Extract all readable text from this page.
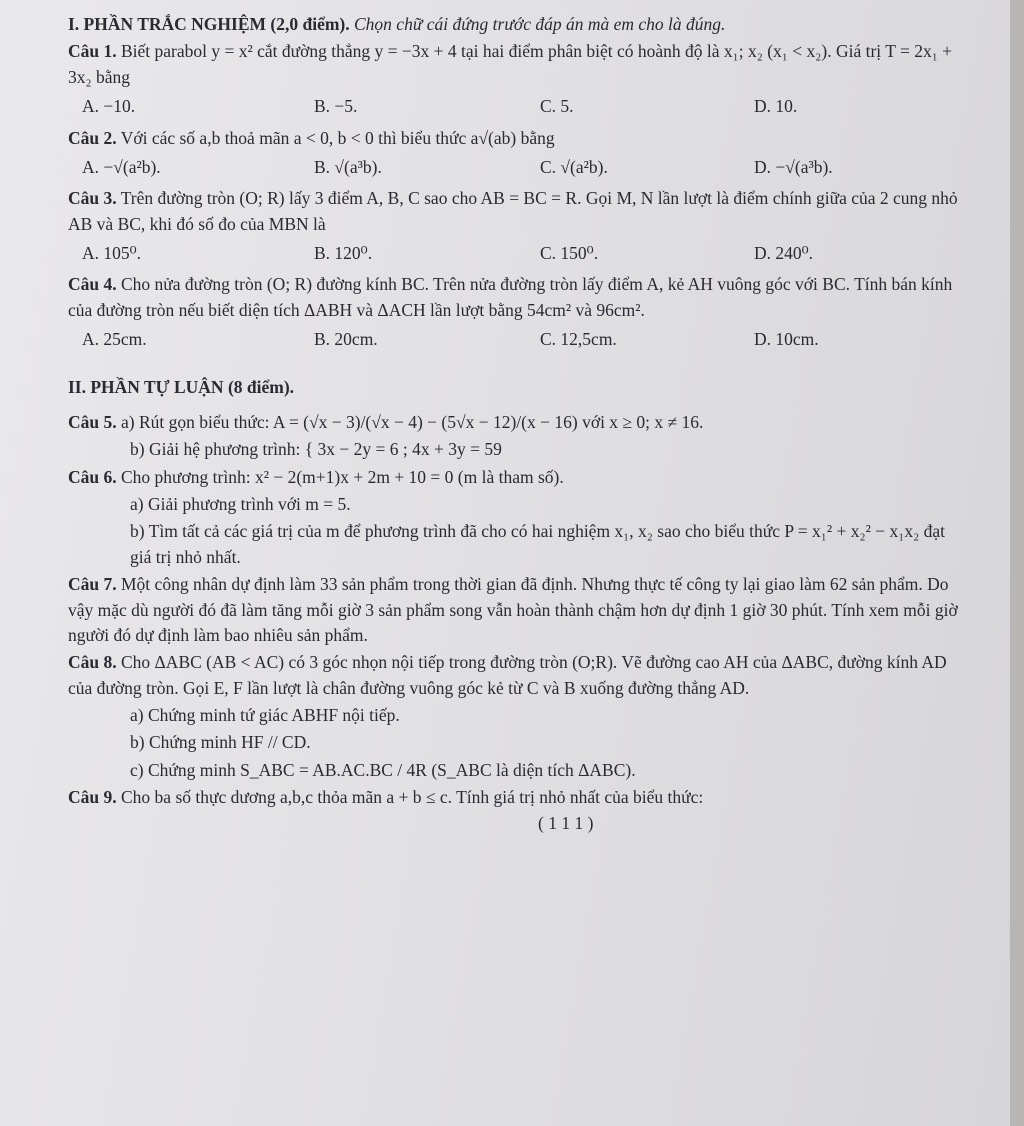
I. PHẦN TRẮC NGHIỆM (2,0 điểm). Chọn chữ cái đứng trước đáp án mà em cho là đúng.

Câu 1. Biết parabol y = x² cắt đường thẳng y = −3x + 4 tại hai điểm phân biệt có hoành độ là x₁; x₂ (x₁ < x₂). Giá trị T = 2x₁ + 3x₂ bằng

A. −10.	B. −5.	C. 5.	D. 10.

Câu 2. Với các số a,b thoả mãn a < 0, b < 0 thì biểu thức a√(ab) bằng

A. −√(a²b).	B. √(a³b).	C. √(a²b).	D. −√(a³b).

Câu 3. Trên đường tròn (O; R) lấy 3 điểm A, B, C sao cho AB = BC = R. Gọi M, N lần lượt là điểm chính giữa của 2 cung nhỏ AB và BC, khi đó số đo của MBN là

A. 105⁰.	B. 120⁰.	C. 150⁰.	D. 240⁰.

Câu 4. Cho nửa đường tròn (O; R) đường kính BC. Trên nửa đường tròn lấy điểm A, kẻ AH vuông góc với BC. Tính bán kính của đường tròn nếu biết diện tích ΔABH và ΔACH lần lượt bằng 54cm² và 96cm².

A. 25cm.	B. 20cm.	C. 12,5cm.	D. 10cm.

II. PHẦN TỰ LUẬN (8 điểm).

Câu 5. a) Rút gọn biểu thức: A = (√x − 3)/(√x − 4) − (5√x − 12)/(x − 16) với x ≥ 0; x ≠ 16.

b) Giải hệ phương trình: { 3x − 2y = 6 ; 4x + 3y = 59

Câu 6. Cho phương trình: x² − 2(m+1)x + 2m + 10 = 0 (m là tham số).

a) Giải phương trình với m = 5.

b) Tìm tất cả các giá trị của m để phương trình đã cho có hai nghiệm x₁, x₂ sao cho biểu thức P = x₁² + x₂² − x₁x₂ đạt giá trị nhỏ nhất.

Câu 7. Một công nhân dự định làm 33 sản phẩm trong thời gian đã định. Nhưng thực tế công ty lại giao làm 62 sản phẩm. Do vậy mặc dù người đó đã làm tăng mỗi giờ 3 sản phẩm song vẫn hoàn thành chậm hơn dự định 1 giờ 30 phút. Tính xem mỗi giờ người đó dự định làm bao nhiêu sản phẩm.

Câu 8. Cho ΔABC (AB < AC) có 3 góc nhọn nội tiếp trong đường tròn (O;R). Vẽ đường cao AH của ΔABC, đường kính AD của đường tròn. Gọi E, F lần lượt là chân đường vuông góc kẻ từ C và B xuống đường thẳng AD.

a) Chứng minh tứ giác ABHF nội tiếp.

b) Chứng minh HF // CD.

c) Chứng minh S_ABC = AB.AC.BC / 4R (S_ABC là diện tích ΔABC).

Câu 9. Cho ba số thực dương a,b,c thỏa mãn a + b ≤ c. Tính giá trị nhỏ nhất của biểu thức:

( 1 1 1 )
